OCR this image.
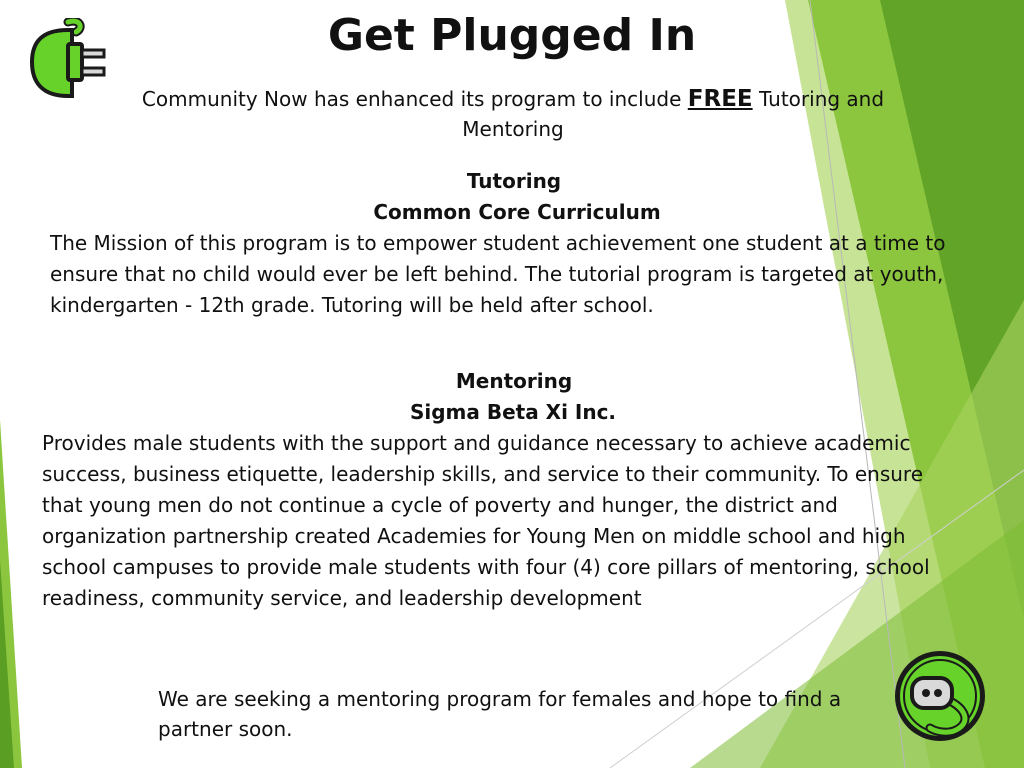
Get Plugged In
Community Now has enhanced its program to include FREE Tutoring and Mentoring
Tutoring
Common Core Curriculum
The Mission of this program is to empower student achievement one student at a time to ensure that no child would ever be left behind. The tutorial program is targeted at youth, kindergarten - 12th grade. Tutoring will be held after school.
Mentoring
Sigma Beta Xi Inc.
Provides male students with the support and guidance necessary to achieve academic success, business etiquette, leadership skills, and service to their community. To ensure that young men do not continue a cycle of poverty and hunger, the district and organization partnership created Academies for Young Men on middle school and high school campuses to provide male students with four (4) core pillars of mentoring, school readiness, community service, and leadership development
We are seeking a mentoring program for females and hope to find a partner soon.
